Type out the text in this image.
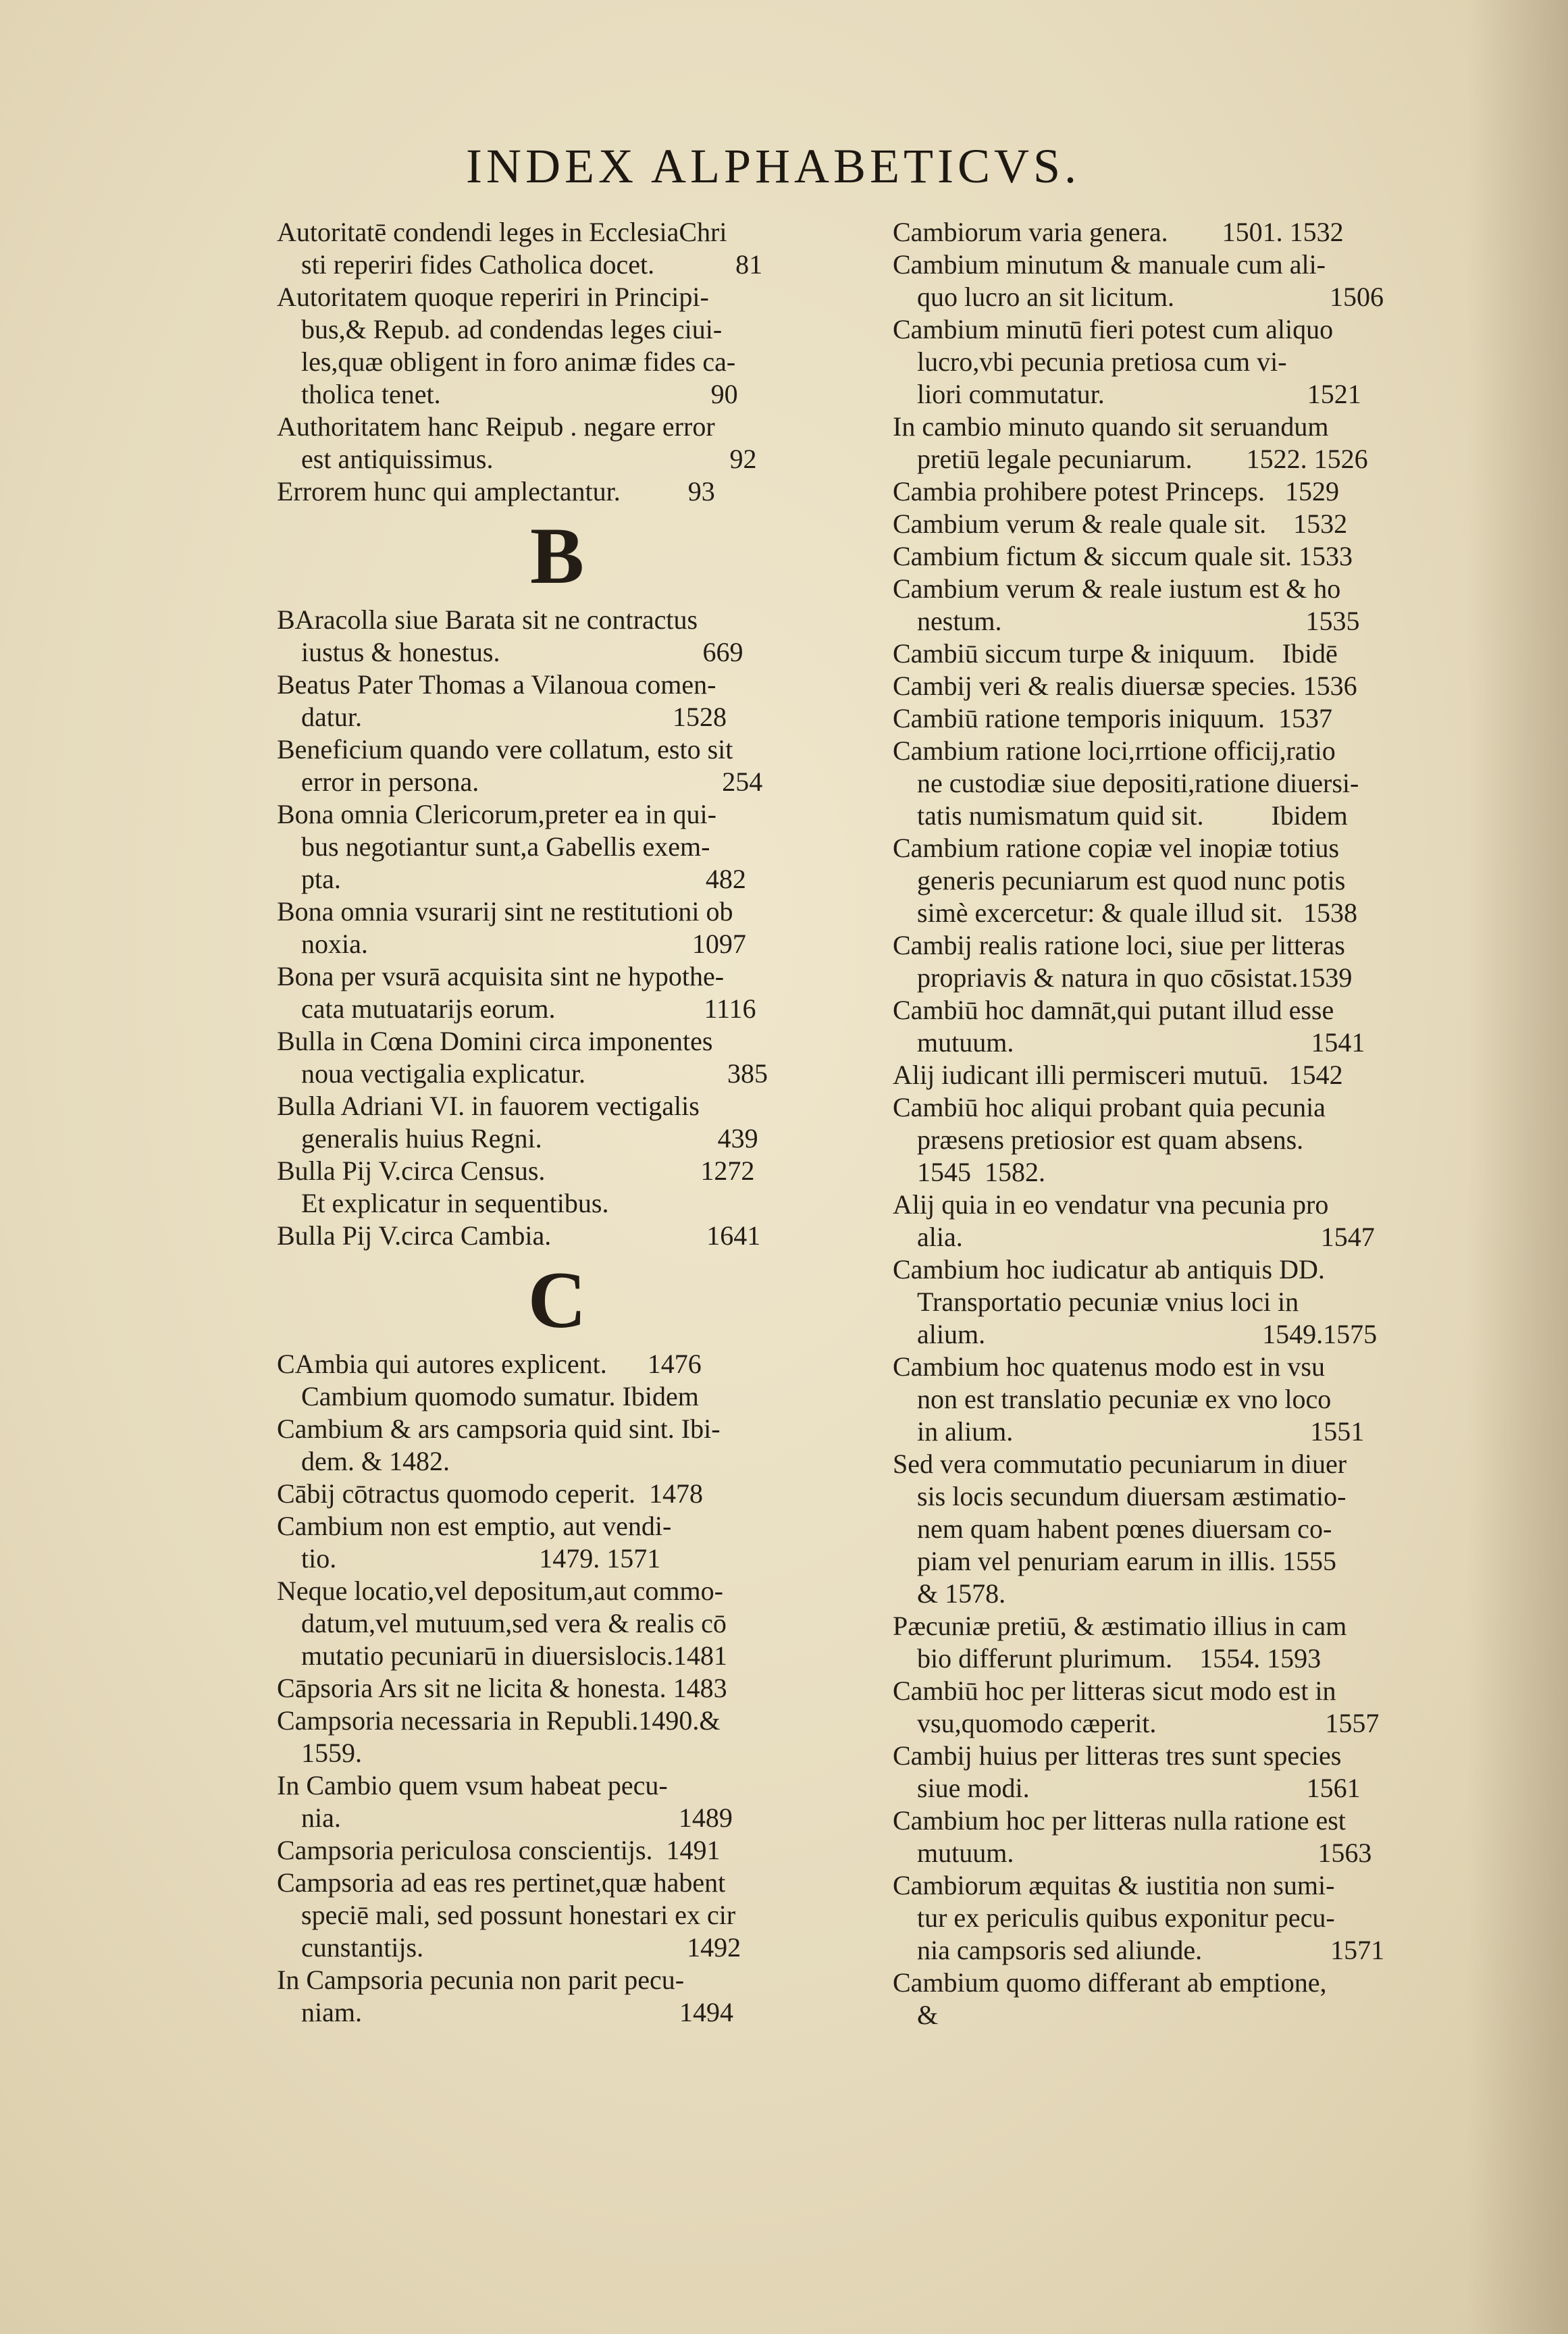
INDEX ALPHABETICVS.

Autoritatē condendi leges in EcclesiaChri
sti reperiri fides Catholica docet.            81

Autoritatem quoque reperiri in Principi-
bus,& Repub. ad condendas leges ciui-
les,quæ obligent in foro animæ fides ca-
tholica tenet.                                        90

Authoritatem hanc Reipub . negare error
est antiquissimus.                                   92

Errorem hunc qui amplectantur.          93

B

BAracolla siue Barata sit ne contractus
iustus & honestus.                              669

Beatus Pater Thomas a Vilanoua comen-
datur.                                              1528

Beneficium quando vere collatum, esto sit
error in persona.                                    254

Bona omnia Clericorum,preter ea in qui-
bus negotiantur sunt,a Gabellis exem-
pta.                                                      482

Bona omnia vsurarij sint ne restitutioni ob
noxia.                                                1097

Bona per vsurā acquisita sint ne hypothe-
cata mutuatarijs eorum.                      1116

Bulla in Cœna Domini circa imponentes
noua vectigalia explicatur.                     385

Bulla Adriani VI. in fauorem vectigalis
generalis huius Regni.                          439

Bulla Pij V.circa Census.                       1272
Et explicatur in sequentibus.

Bulla Pij V.circa Cambia.                       1641

C

CAmbia qui autores explicent.      1476
Cambium quomodo sumatur. Ibidem

Cambium & ars campsoria quid sint. Ibi-
dem. & 1482.

Cābij cōtractus quomodo ceperit.  1478

Cambium non est emptio, aut vendi-
tio.                              1479. 1571

Neque locatio,vel depositum,aut commo-
datum,vel mutuum,sed vera & realis cō
mutatio pecuniarū in diuersislocis.1481

Cāpsoria Ars sit ne licita & honesta. 1483

Campsoria necessaria in Republi.1490.&
1559.

In Cambio quem vsum habeat pecu-
nia.                                                  1489

Campsoria periculosa conscientijs.  1491

Campsoria ad eas res pertinet,quæ habent
speciē mali, sed possunt honestari ex cir
cunstantijs.                                       1492

In Campsoria pecunia non parit pecu-
niam.                                               1494

Cambiorum varia genera.        1501. 1532

Cambium minutum & manuale cum ali-
quo lucro an sit licitum.                       1506

Cambium minutū fieri potest cum aliquo
lucro,vbi pecunia pretiosa cum vi-
liori commutatur.                              1521

In cambio minuto quando sit seruandum
pretiū legale pecuniarum.        1522. 1526

Cambia prohibere potest Princeps.   1529

Cambium verum & reale quale sit.    1532

Cambium fictum & siccum quale sit. 1533

Cambium verum & reale iustum est & ho
nestum.                                             1535

Cambiū siccum turpe & iniquum.    Ibidē

Cambij veri & realis diuersæ species. 1536

Cambiū ratione temporis iniquum.  1537

Cambium ratione loci,rrtione officij,ratio
ne custodiæ siue depositi,ratione diuersi-
tatis numismatum quid sit.          Ibidem

Cambium ratione copiæ vel inopiæ totius
generis pecuniarum est quod nunc potis
simè excercetur: & quale illud sit.   1538

Cambij realis ratione loci, siue per litteras
propriavis & natura in quo cōsistat.1539

Cambiū hoc damnāt,qui putant illud esse
mutuum.                                            1541

Alij iudicant illi permisceri mutuū.   1542

Cambiū hoc aliqui probant quia pecunia
præsens pretiosior est quam absens.
1545  1582.

Alij quia in eo vendatur vna pecunia pro
alia.                                                     1547

Cambium hoc iudicatur ab antiquis DD.
Transportatio pecuniæ vnius loci in
alium.                                         1549.1575

Cambium hoc quatenus modo est in vsu
non est translatio pecuniæ ex vno loco
in alium.                                            1551

Sed vera commutatio pecuniarum in diuer
sis locis secundum diuersam æstimatio-
nem quam habent pœnes diuersam co-
piam vel penuriam earum in illis. 1555
& 1578.

Pæcuniæ pretiū, & æstimatio illius in cam
bio differunt plurimum.    1554. 1593

Cambiū hoc per litteras sicut modo est in
vsu,quomodo cæperit.                         1557

Cambij huius per litteras tres sunt species
siue modi.                                         1561

Cambium hoc per litteras nulla ratione est
mutuum.                                             1563

Cambiorum æquitas & iustitia non sumi-
tur ex periculis quibus exponitur pecu-
nia campsoris sed aliunde.                   1571

Cambium quomo differant ab emptione,
&
